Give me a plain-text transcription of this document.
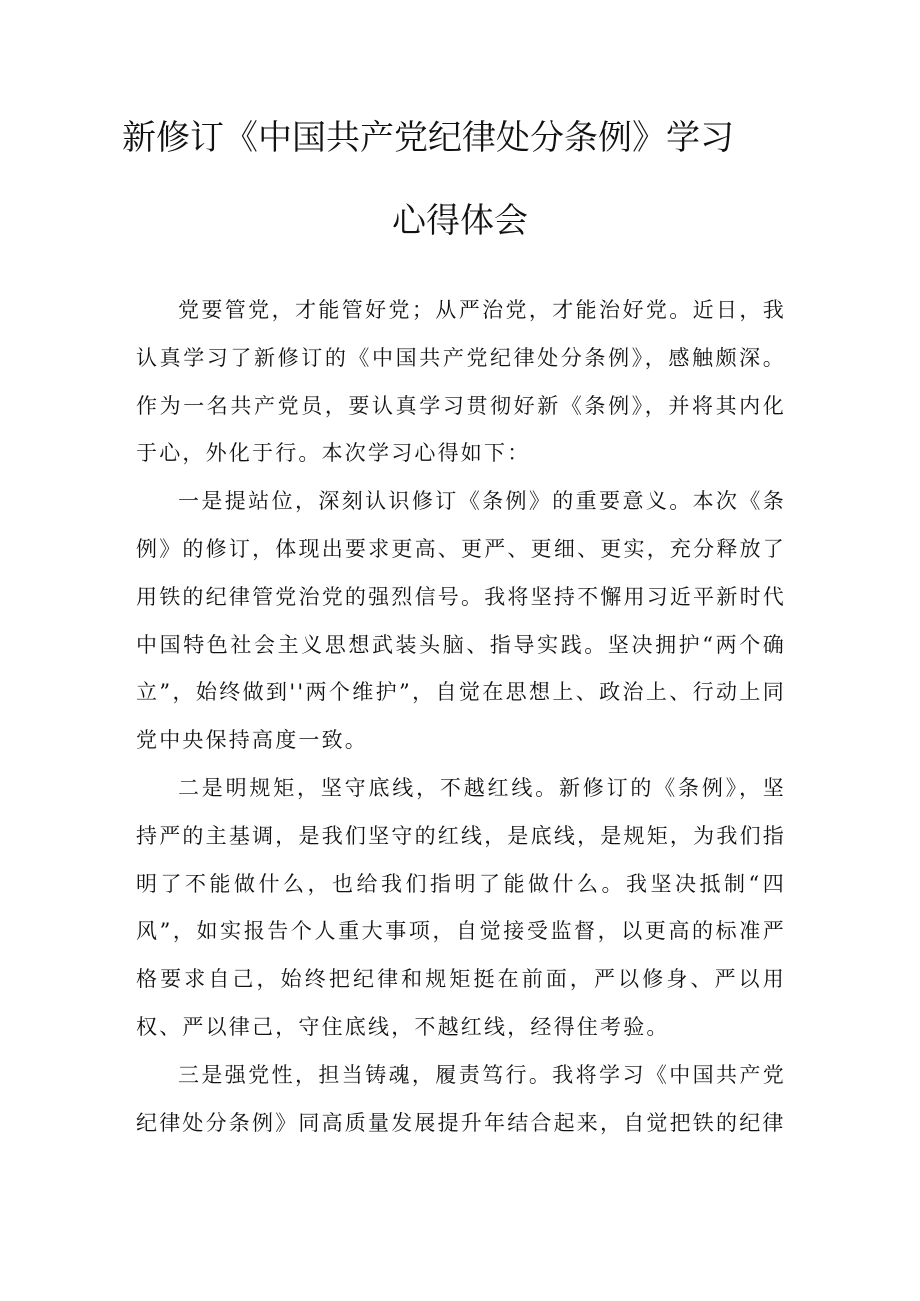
新修订《中国共产党纪律处分条例》学习
心得体会

党要管党，才能管好党；从严治党，才能治好党。近日，我认真学习了新修订的《中国共产党纪律处分条例》，感触颇深。作为一名共产党员，要认真学习贯彻好新《条例》，并将其内化于心，外化于行。本次学习心得如下：

一是提站位，深刻认识修订《条例》的重要意义。本次《条例》的修订，体现出要求更高、更严、更细、更实，充分释放了用铁的纪律管党治党的强烈信号。我将坚持不懈用习近平新时代中国特色社会主义思想武装头脑、指导实践。坚决拥护“两个确立”，始终做到''两个维护”，自觉在思想上、政治上、行动上同党中央保持高度一致。

二是明规矩，坚守底线，不越红线。新修订的《条例》，坚持严的主基调，是我们坚守的红线，是底线，是规矩，为我们指明了不能做什么，也给我们指明了能做什么。我坚决抵制“四风”，如实报告个人重大事项，自觉接受监督，以更高的标准严格要求自己，始终把纪律和规矩挺在前面，严以修身、严以用权、严以律己，守住底线，不越红线，经得住考验。

三是强党性，担当铸魂，履责笃行。我将学习《中国共产党纪律处分条例》同高质量发展提升年结合起来，自觉把铁的纪律
